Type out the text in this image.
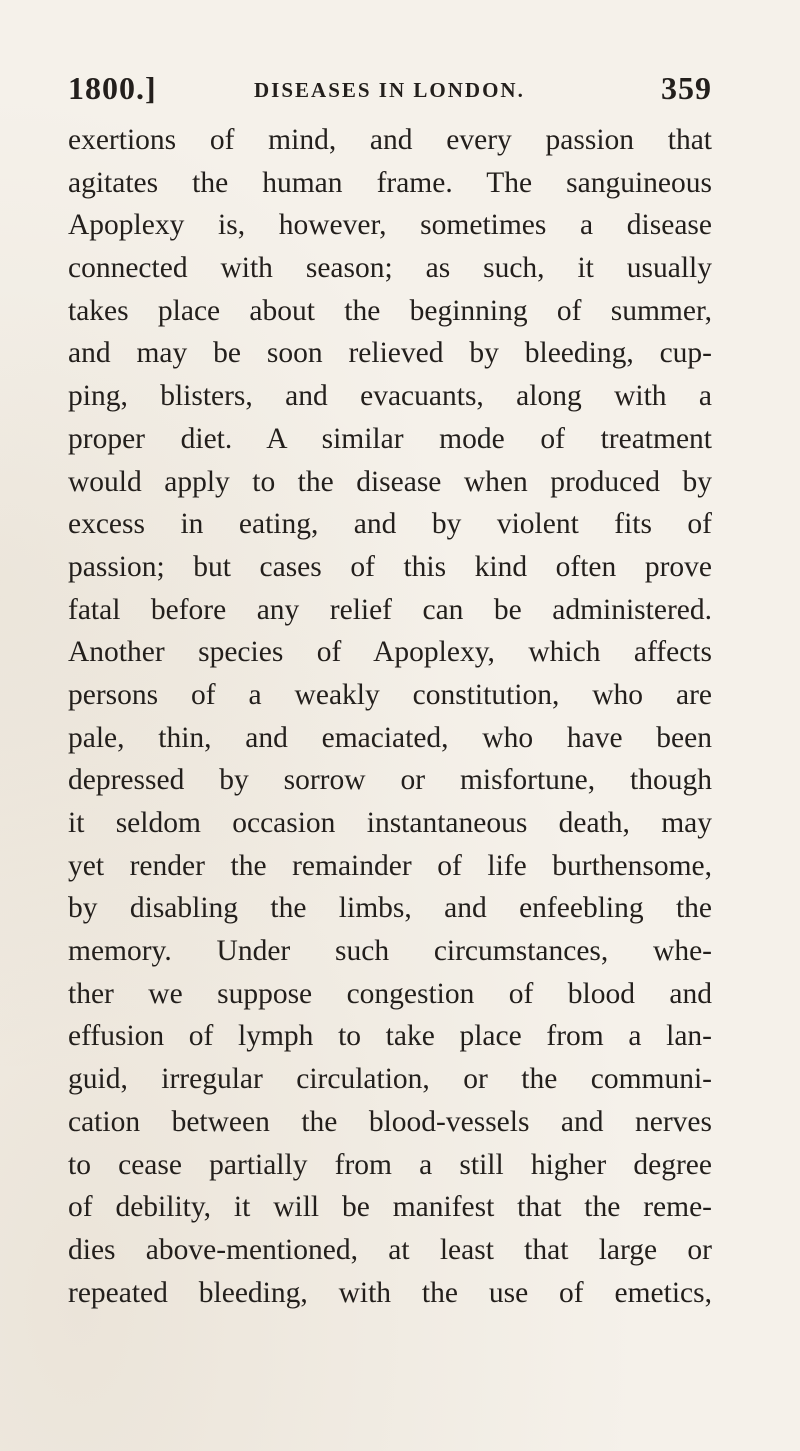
1800.]	DISEASES IN LONDON.	359
exertions of mind, and every passion that
agitates the human frame. The sanguineous
Apoplexy is, however, sometimes a disease
connected with season; as such, it usually
takes place about the beginning of summer,
and may be soon relieved by bleeding, cup-
ping, blisters, and evacuants, along with a
proper diet. A similar mode of treatment
would apply to the disease when produced by
excess in eating, and by violent fits of
passion; but cases of this kind often prove
fatal before any relief can be administered.
Another species of Apoplexy, which affects
persons of a weakly constitution, who are
pale, thin, and emaciated, who have been
depressed by sorrow or misfortune, though
it seldom occasion instantaneous death, may
yet render the remainder of life burthensome,
by disabling the limbs, and enfeebling the
memory. Under such circumstances, whe-
ther we suppose congestion of blood and
effusion of lymph to take place from a lan-
guid, irregular circulation, or the communi-
cation between the blood-vessels and nerves
to cease partially from a still higher degree
of debility, it will be manifest that the reme-
dies above-mentioned, at least that large or
repeated bleeding, with the use of emetics,
